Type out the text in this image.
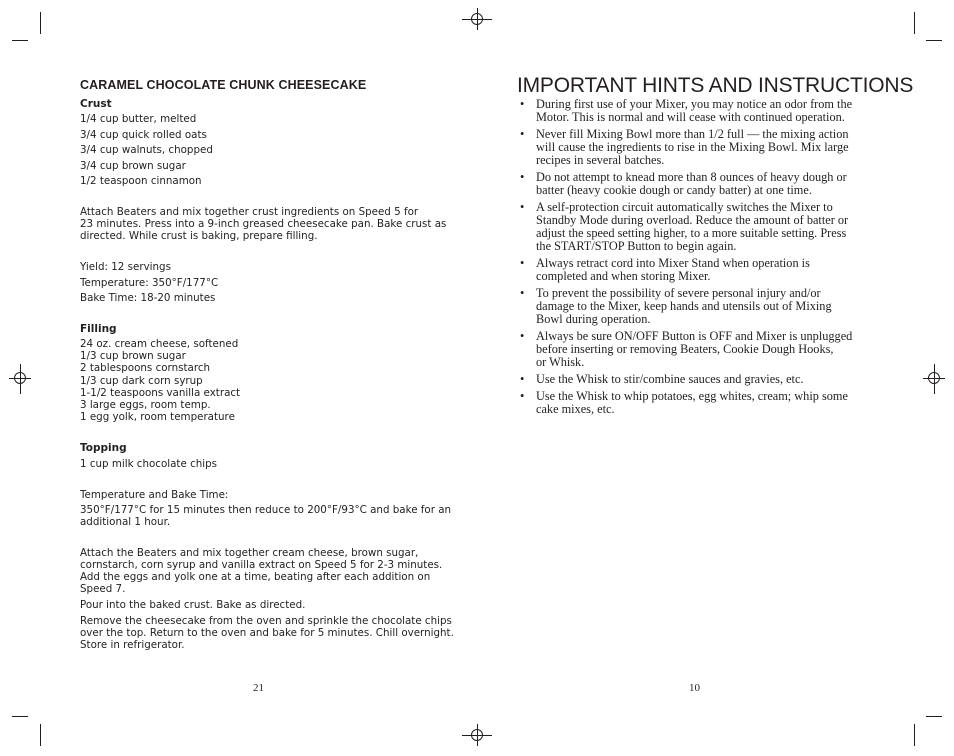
CARAMEL CHOCOLATE CHUNK CHEESECAKE
Crust
1/4 cup butter, melted
3/4 cup quick rolled oats
3/4 cup walnuts, chopped
3/4 cup brown sugar
1/2 teaspoon cinnamon
Attach Beaters and mix together crust ingredients on Speed 5 for
23 minutes. Press into a 9-inch greased cheesecake pan. Bake crust as
directed. While crust is baking, prepare filling.
Yield: 12 servings
Temperature: 350°F/177°C
Bake Time: 18-20 minutes
Filling
24 oz. cream cheese, softened
1/3 cup brown sugar
2 tablespoons cornstarch
1/3 cup dark corn syrup
1-1/2 teaspoons vanilla extract
3 large eggs, room temp.
1 egg yolk, room temperature
Topping
1 cup milk chocolate chips
Temperature and Bake Time:
350°F/177°C for 15 minutes then reduce to 200°F/93°C and bake for an
additional 1 hour.
Attach the Beaters and mix together cream cheese, brown sugar,
cornstarch, corn syrup and vanilla extract on Speed 5 for 2-3 minutes.
Add the eggs and yolk one at a time, beating after each addition on
Speed 7.
Pour into the baked crust. Bake as directed.
Remove the cheesecake from the oven and sprinkle the chocolate chips
over the top. Return to the oven and bake for 5 minutes. Chill overnight.
Store in refrigerator.
21
IMPORTANT HINTS AND INSTRUCTIONS
• During first use of your Mixer, you may notice an odor from the
Motor. This is normal and will cease with continued operation.
• Never fill Mixing Bowl more than 1/2 full — the mixing action
will cause the ingredients to rise in the Mixing Bowl. Mix large
recipes in several batches.
• Do not attempt to knead more than 8 ounces of heavy dough or
batter (heavy cookie dough or candy batter) at one time.
• A self-protection circuit automatically switches the Mixer to
Standby Mode during overload. Reduce the amount of batter or
adjust the speed setting higher, to a more suitable setting. Press
the START/STOP Button to begin again.
• Always retract cord into Mixer Stand when operation is
completed and when storing Mixer.
• To prevent the possibility of severe personal injury and/or
damage to the Mixer, keep hands and utensils out of Mixing
Bowl during operation.
• Always be sure ON/OFF Button is OFF and Mixer is unplugged
before inserting or removing Beaters, Cookie Dough Hooks,
or Whisk.
• Use the Whisk to stir/combine sauces and gravies, etc.
• Use the Whisk to whip potatoes, egg whites, cream; whip some
cake mixes, etc.
10
